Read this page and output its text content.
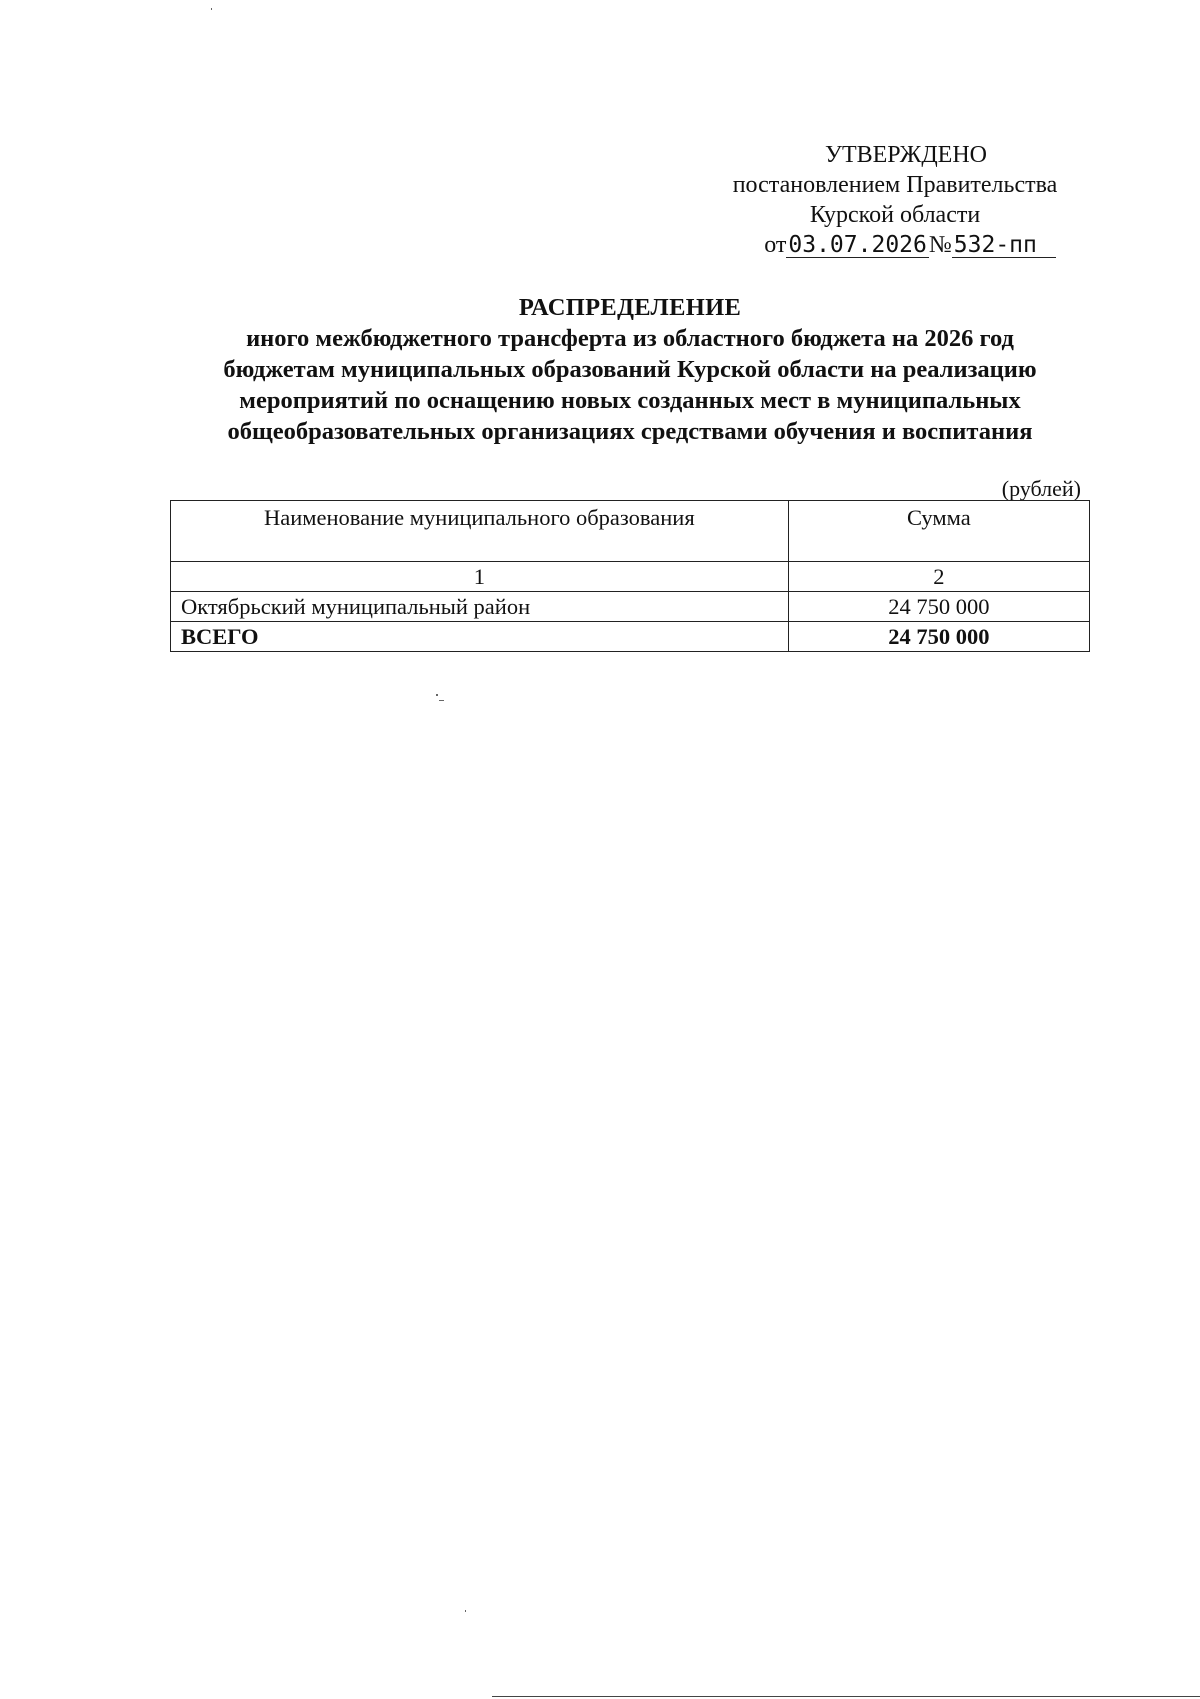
УТВЕРЖДЕНО
постановлением Правительства
Курской области
от03.07.2026№532-пп
РАСПРЕДЕЛЕНИЕ
иного межбюджетного трансферта из областного бюджета на 2026 год
бюджетам муниципальных образований Курской области на реализацию
мероприятий по оснащению новых созданных мест в муниципальных
общеобразовательных организациях средствами обучения и воспитания
(рублей)
Наименование муниципального образования	Сумма
1	2
Октябрьский муниципальный район	24 750 000
ВСЕГО	24 750 000
